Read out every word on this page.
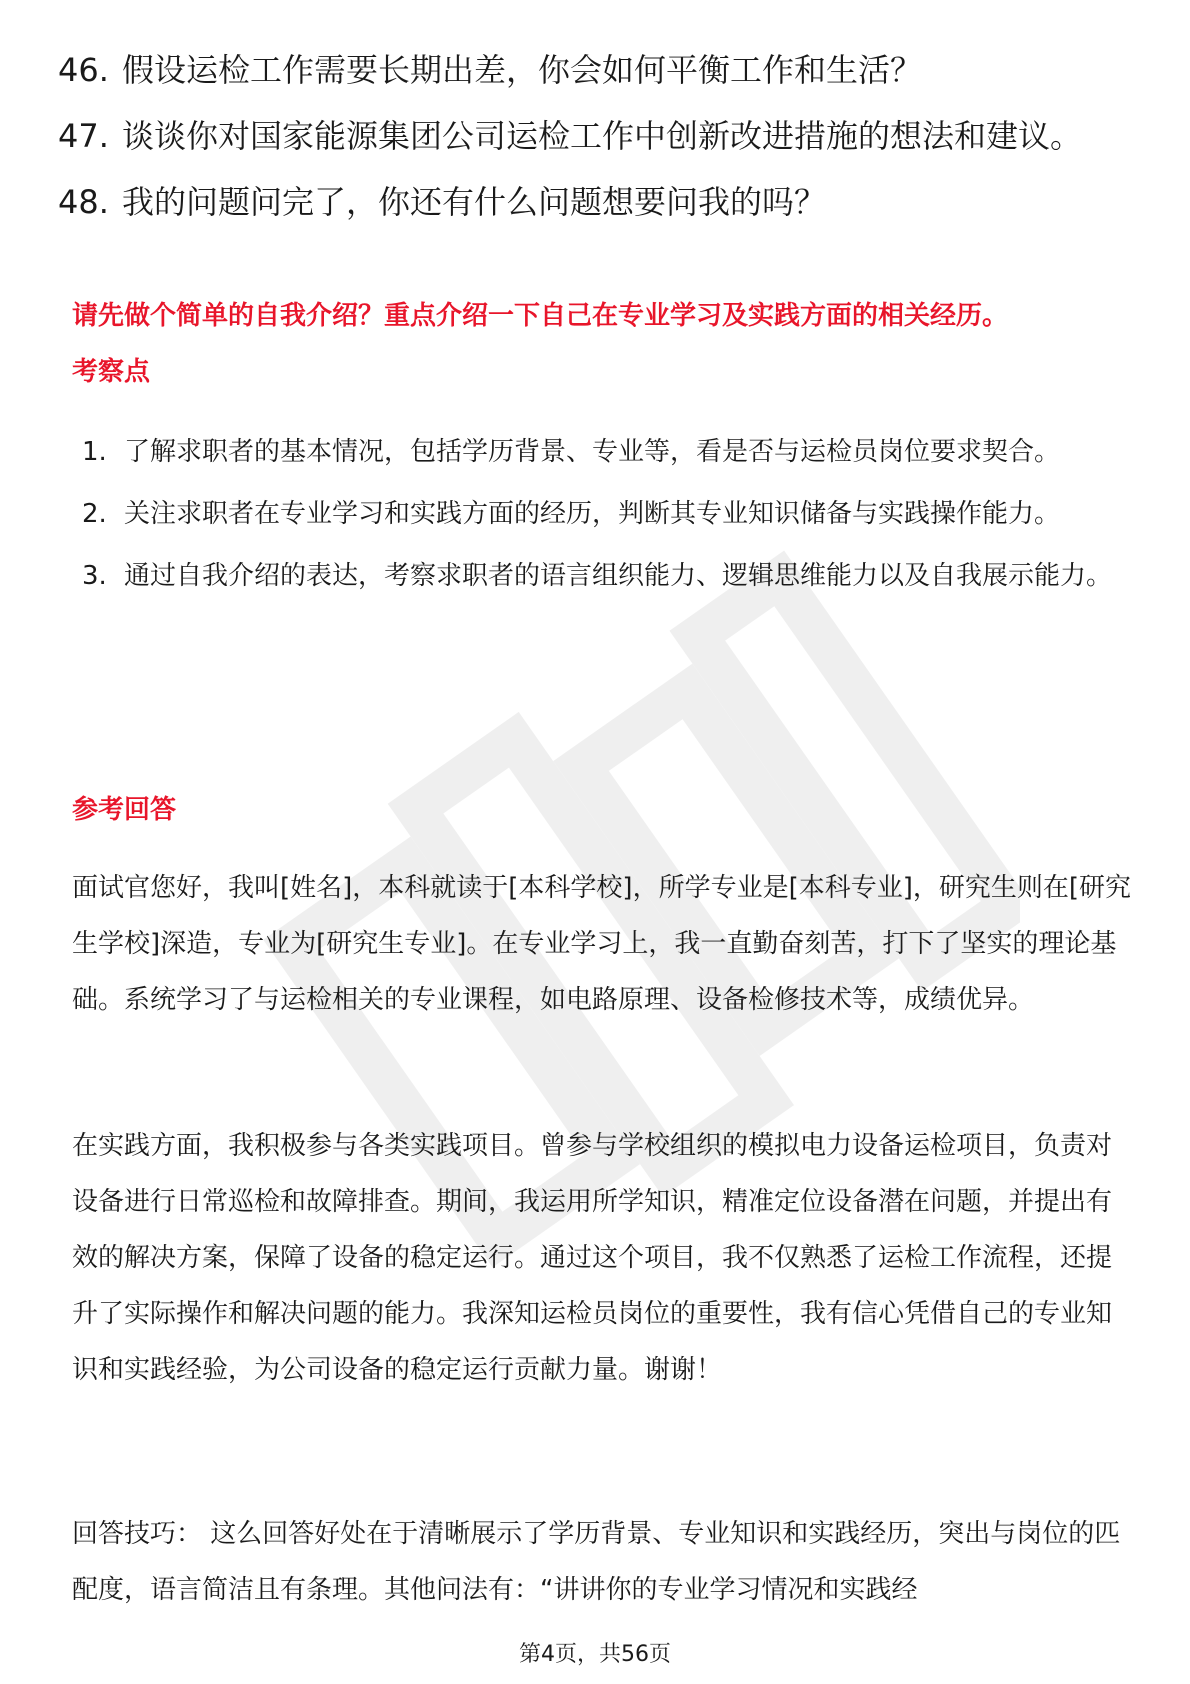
46. 假设运检工作需要长期出差，你会如何平衡工作和生活？
47. 谈谈你对国家能源集团公司运检工作中创新改进措施的想法和建议。
48. 我的问题问完了，你还有什么问题想要问我的吗？
请先做个简单的自我介绍？重点介绍一下自己在专业学习及实践方面的相关经历。
考察点
1. 了解求职者的基本情况，包括学历背景、专业等，看是否与运检员岗位要求契合。
2. 关注求职者在专业学习和实践方面的经历，判断其专业知识储备与实践操作能力。
3. 通过自我介绍的表达，考察求职者的语言组织能力、逻辑思维能力以及自我展示能力。
参考回答

面试官您好，我叫[姓名]，本科就读于[本科学校]，所学专业是[本科专业]，研究生则在[研究生学校]深造，专业为[研究生专业]。在专业学习上，我一直勤奋刻苦，打下了坚实的理论基础。系统学习了与运检相关的专业课程，如电路原理、设备检修技术等，成绩优异。

在实践方面，我积极参与各类实践项目。曾参与学校组织的模拟电力设备运检项目，负责对设备进行日常巡检和故障排查。期间，我运用所学知识，精准定位设备潜在问题，并提出有效的解决方案，保障了设备的稳定运行。通过这个项目，我不仅熟悉了运检工作流程，还提升了实际操作和解决问题的能力。我深知运检员岗位的重要性，我有信心凭借自己的专业知识和实践经验，为公司设备的稳定运行贡献力量。谢谢！

回答技巧： 这么回答好处在于清晰展示了学历背景、专业知识和实践经历，突出与岗位的匹配度，语言简洁且有条理。其他问法有：“讲讲你的专业学习情况和实践经

第4页，共56页
